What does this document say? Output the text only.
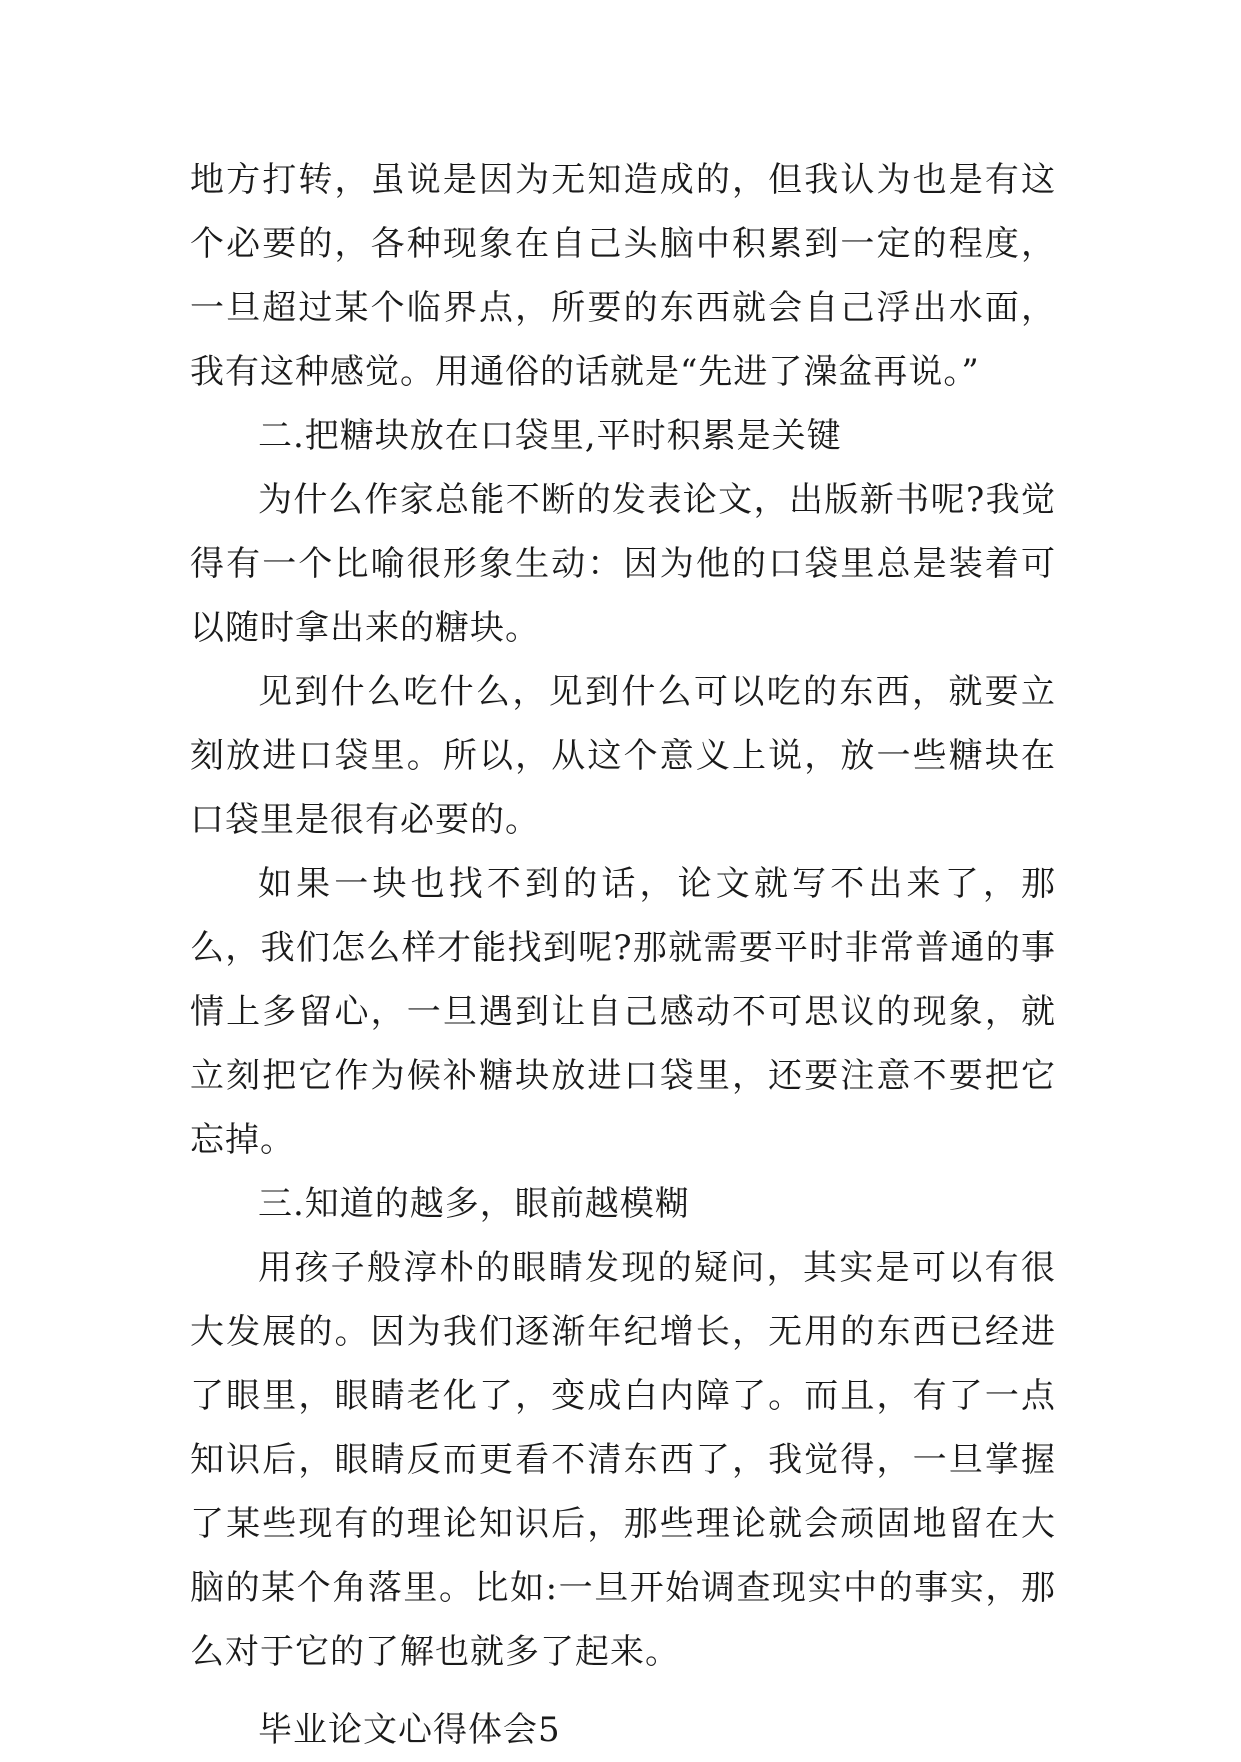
地方打转，虽说是因为无知造成的，但我认为也是有这个必要的，各种现象在自己头脑中积累到一定的程度，一旦超过某个临界点，所要的东西就会自己浮出水面，我有这种感觉。用通俗的话就是“先进了澡盆再说。”

二.把糖块放在口袋里,平时积累是关键

为什么作家总能不断的发表论文，出版新书呢?我觉得有一个比喻很形象生动：因为他的口袋里总是装着可以随时拿出来的糖块。

见到什么吃什么，见到什么可以吃的东西，就要立刻放进口袋里。所以，从这个意义上说，放一些糖块在口袋里是很有必要的。

如果一块也找不到的话，论文就写不出来了，那么，我们怎么样才能找到呢?那就需要平时非常普通的事情上多留心，一旦遇到让自己感动不可思议的现象，就立刻把它作为候补糖块放进口袋里，还要注意不要把它忘掉。

三.知道的越多，眼前越模糊

用孩子般淳朴的眼睛发现的疑问，其实是可以有很大发展的。因为我们逐渐年纪增长，无用的东西已经进了眼里，眼睛老化了，变成白内障了。而且，有了一点知识后，眼睛反而更看不清东西了，我觉得，一旦掌握了某些现有的理论知识后，那些理论就会顽固地留在大脑的某个角落里。比如:一旦开始调查现实中的事实，那么对于它的了解也就多了起来。

毕业论文心得体会5
